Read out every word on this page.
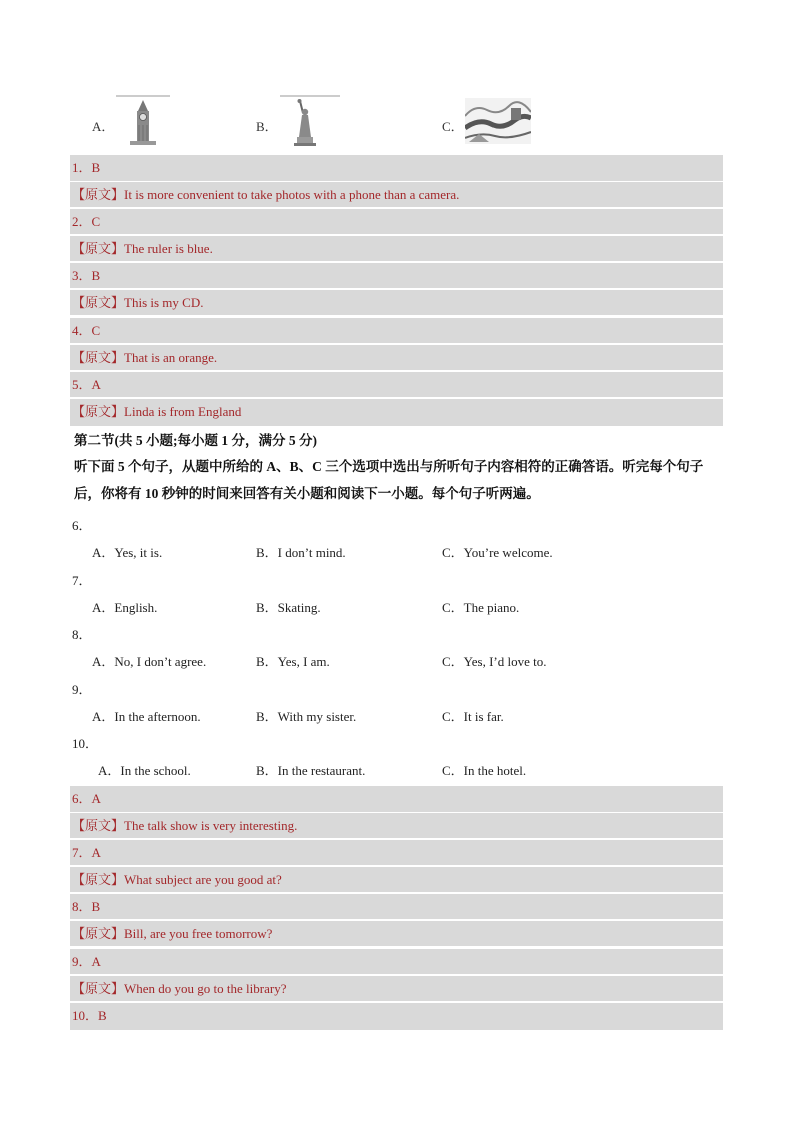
A．	B．	C．
1．B
【原文】It is more convenient to take photos with a phone than a camera.
2．C
【原文】The ruler is blue.
3．B
【原文】This is my CD.
4．C
【原文】That is an orange.
5．A
【原文】Linda is from England
第二节(共 5 小题;每小题 1 分，满分 5 分)
听下面 5 个句子，从题中所给的 A、B、C 三个选项中选出与所听句子内容相符的正确答语。听完每个句子后，你将有 10 秒钟的时间来回答有关小题和阅读下一小题。每个句子听两遍。
6．
A．Yes, it is.	B．I don’t mind.	C．You’re welcome.
7．
A．English.	B．Skating.	C．The piano.
8．
A．No, I don’t agree.	B．Yes, I am.	C．Yes, I’d love to.
9．
A．In the afternoon.	B．With my sister.	C．It is far.
10．
A．In the school.	B．In the restaurant.	C．In the hotel.
6．A
【原文】The talk show is very interesting.
7．A
【原文】What subject are you good at?
8．B
【原文】Bill, are you free tomorrow?
9．A
【原文】When do you go to the library?
10．B
